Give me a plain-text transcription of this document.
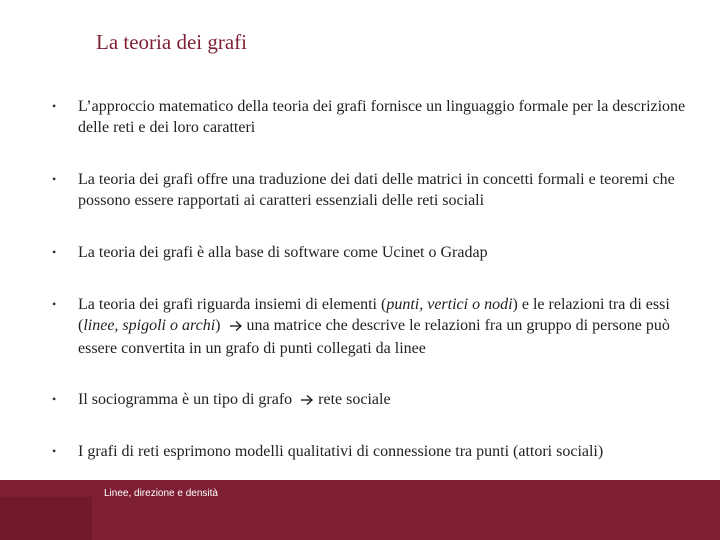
La teoria dei grafi
•	L’approccio matematico della teoria dei grafi fornisce un linguaggio formale per la descrizione delle reti e dei loro caratteri
•	La teoria dei grafi offre una traduzione dei dati delle matrici in concetti formali e teoremi che possono essere rapportati ai caratteri essenziali delle reti sociali
•	La teoria dei grafi è alla base di software come Ucinet o Gradap
•	La teoria dei grafi riguarda insiemi di elementi (punti, vertici o nodi) e le relazioni tra di essi (linee, spigoli o archi) una matrice che descrive le relazioni fra un gruppo di persone può essere convertita in un grafo di punti collegati da linee
•	Il sociogramma è un tipo di grafo rete sociale
•	I grafi di reti esprimono modelli qualitativi di connessione tra punti (attori sociali)
Linee, direzione e densità
